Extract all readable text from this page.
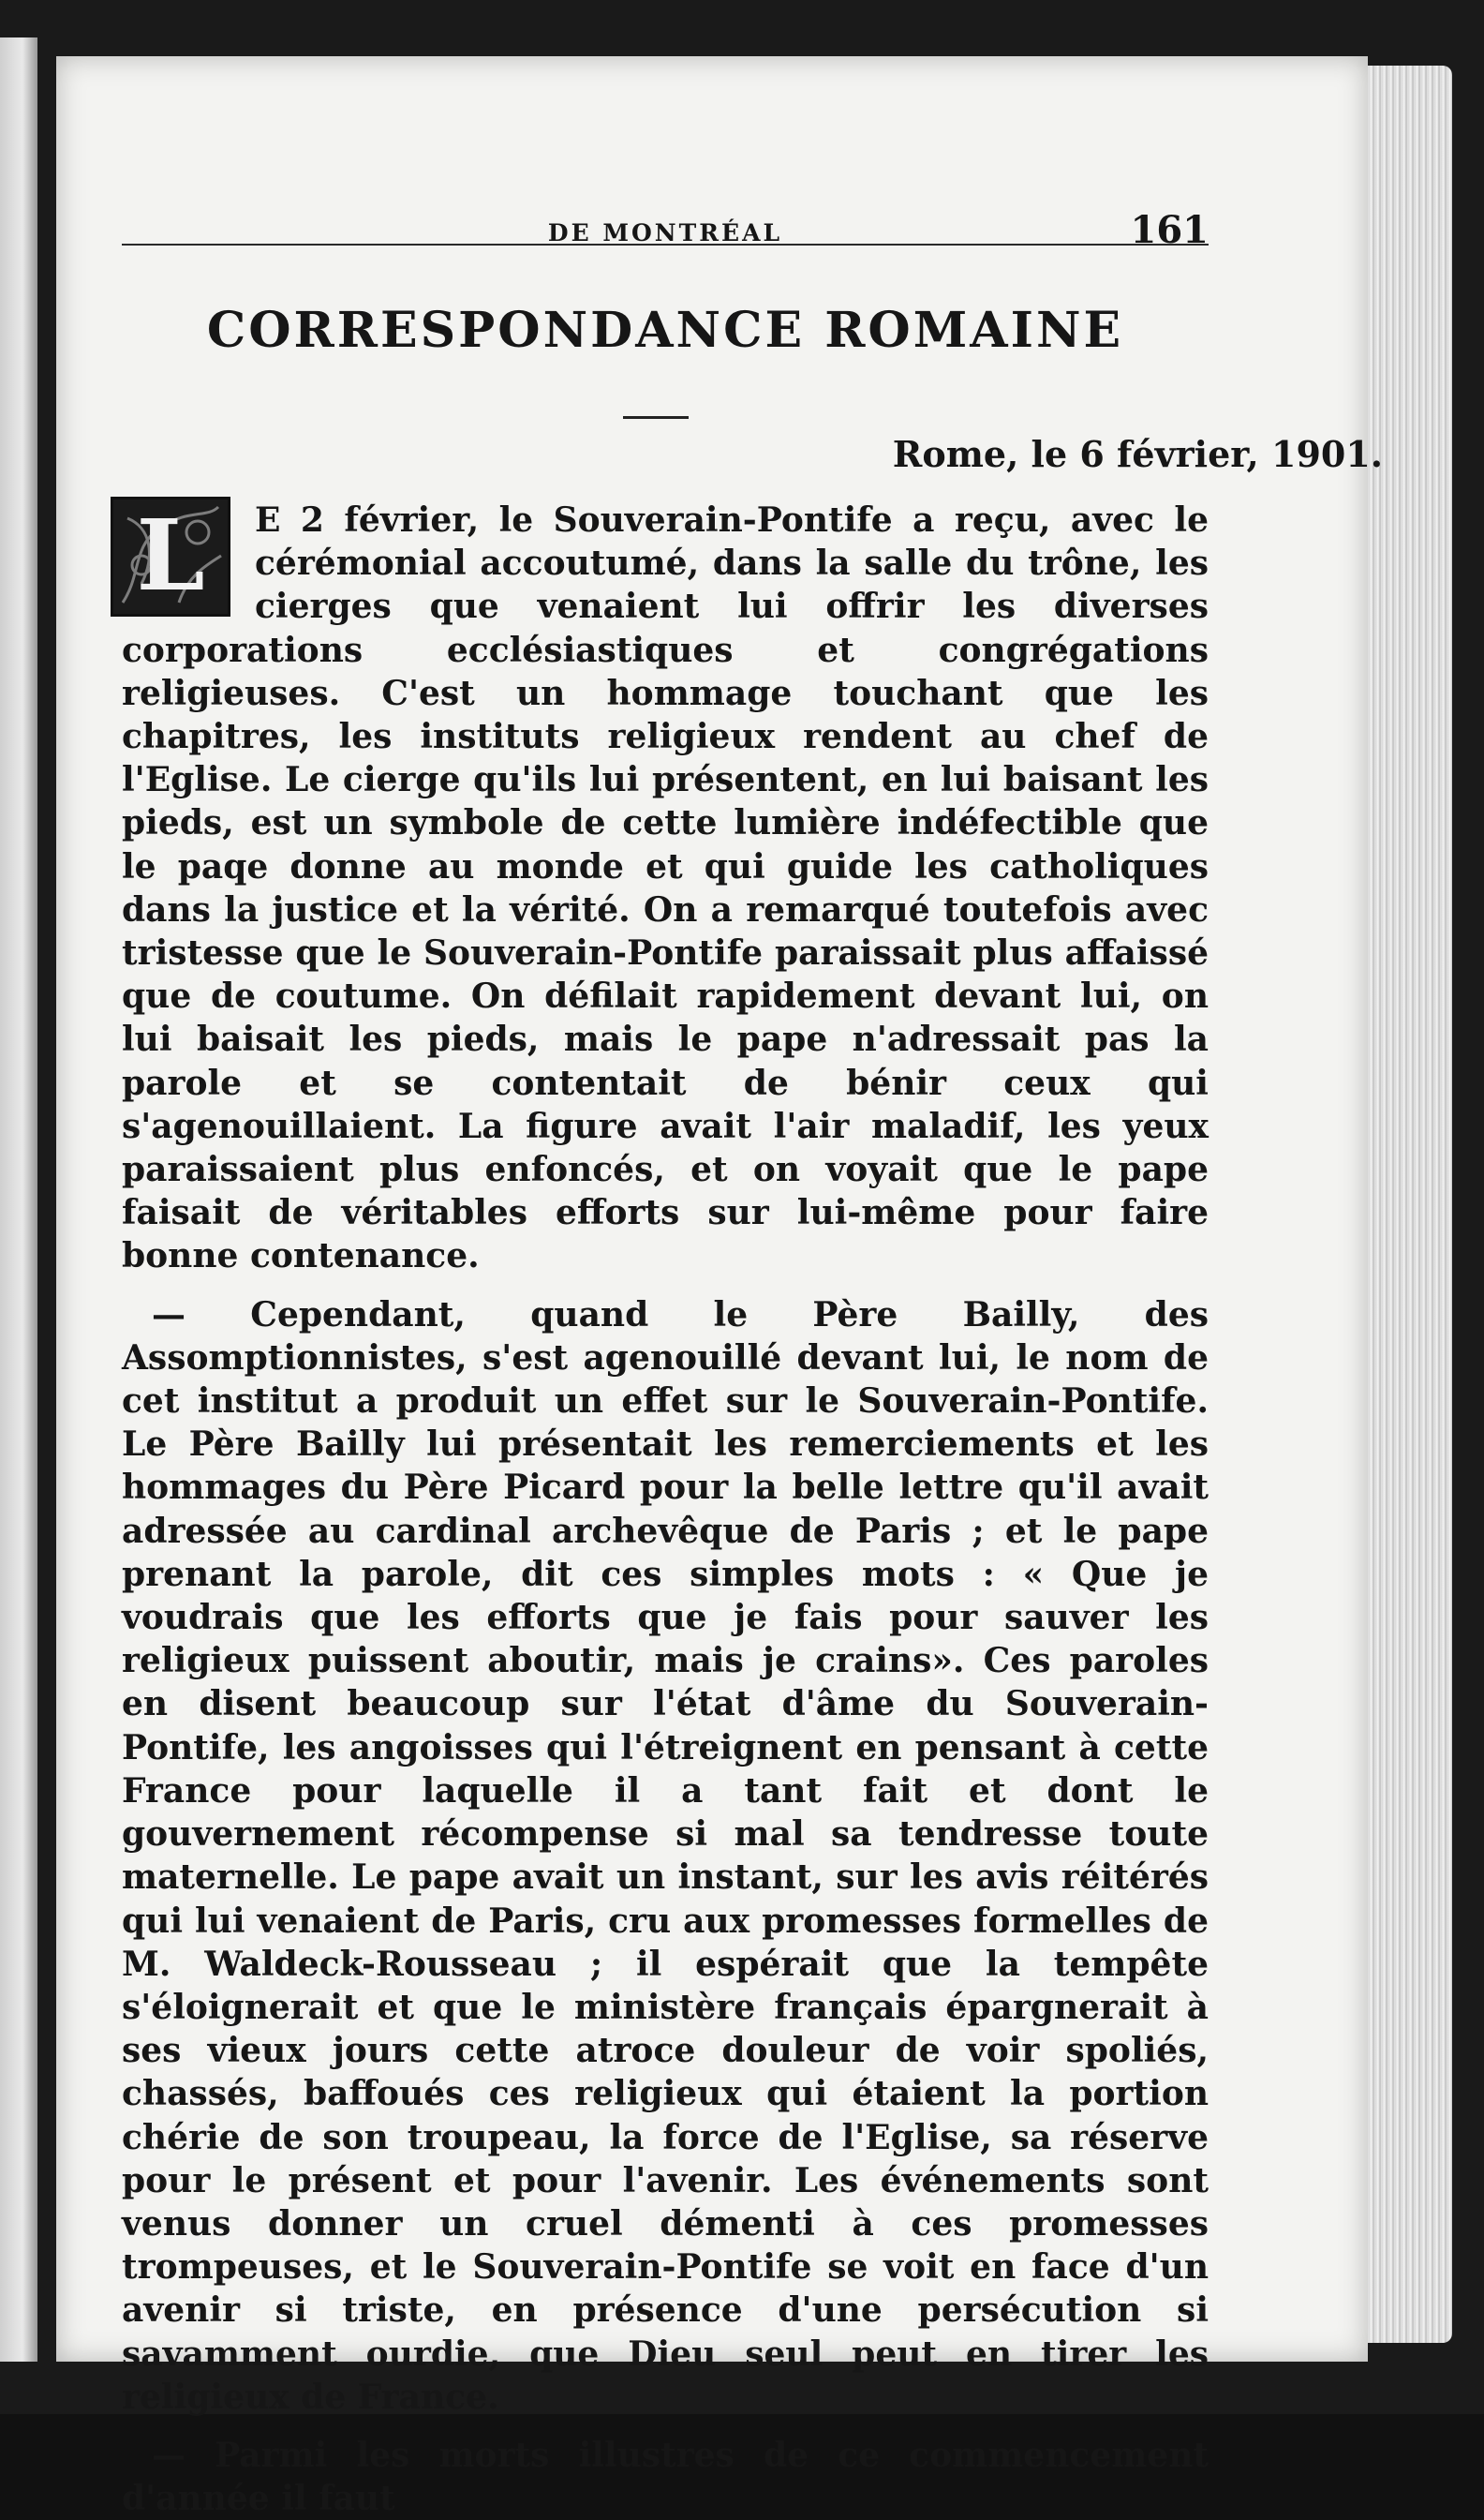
DE MONTRÉAL	161
CORRESPONDANCE ROMAINE
Rome, le 6 février, 1901.
L	E 2 février, le Souverain-Pontife a reçu, avec le cérémonial accoutumé, dans la salle du trône, les cierges que venaient lui offrir les diverses corporations ecclésiastiques et congrégations religieuses. C'est un hommage touchant que les chapitres, les instituts religieux rendent au chef de l'Eglise. Le cierge qu'ils lui présentent, en lui baisant les pieds, est un symbole de cette lumière indéfectible que le paqe donne au monde et qui guide les catholiques dans la justice et la vérité. On a remarqué toutefois avec tristesse que le Souverain-Pontife paraissait plus affaissé que de coutume. On défilait rapidement devant lui, on lui baisait les pieds, mais le pape n'adressait pas la parole et se contentait de bénir ceux qui s'agenouillaient. La figure avait l'air maladif, les yeux paraissaient plus enfoncés, et on voyait que le pape faisait de véritables efforts sur lui-même pour faire bonne contenance.

— Cependant, quand le Père Bailly, des Assomptionnistes, s'est agenouillé devant lui, le nom de cet institut a produit un effet sur le Souverain-Pontife. Le Père Bailly lui présentait les remerciements et les hommages du Père Picard pour la belle lettre qu'il avait adressée au cardinal archevêque de Paris ; et le pape prenant la parole, dit ces simples mots : « Que je voudrais que les efforts que je fais pour sauver les religieux puissent aboutir, mais je crains». Ces paroles en disent beaucoup sur l'état d'âme du Souverain-Pontife, les angoisses qui l'étreignent en pensant à cette France pour laquelle il a tant fait et dont le gouvernement récompense si mal sa tendresse toute maternelle. Le pape avait un instant, sur les avis réitérés qui lui venaient de Paris, cru aux promesses formelles de M. Waldeck-Rousseau ; il espérait que la tempête s'éloignerait et que le ministère français épargnerait à ses vieux jours cette atroce douleur de voir spoliés, chassés, baffoués ces religieux qui étaient la portion chérie de son troupeau, la force de l'Eglise, sa réserve pour le présent et pour l'avenir. Les événements sont venus donner un cruel démenti à ces promesses trompeuses, et le Souverain-Pontife se voit en face d'un avenir si triste, en présence d'une persécution si savamment ourdie, que Dieu seul peut en tirer les religieux de France.

— Parmi les morts illustres de ce commencement d'année il faut
